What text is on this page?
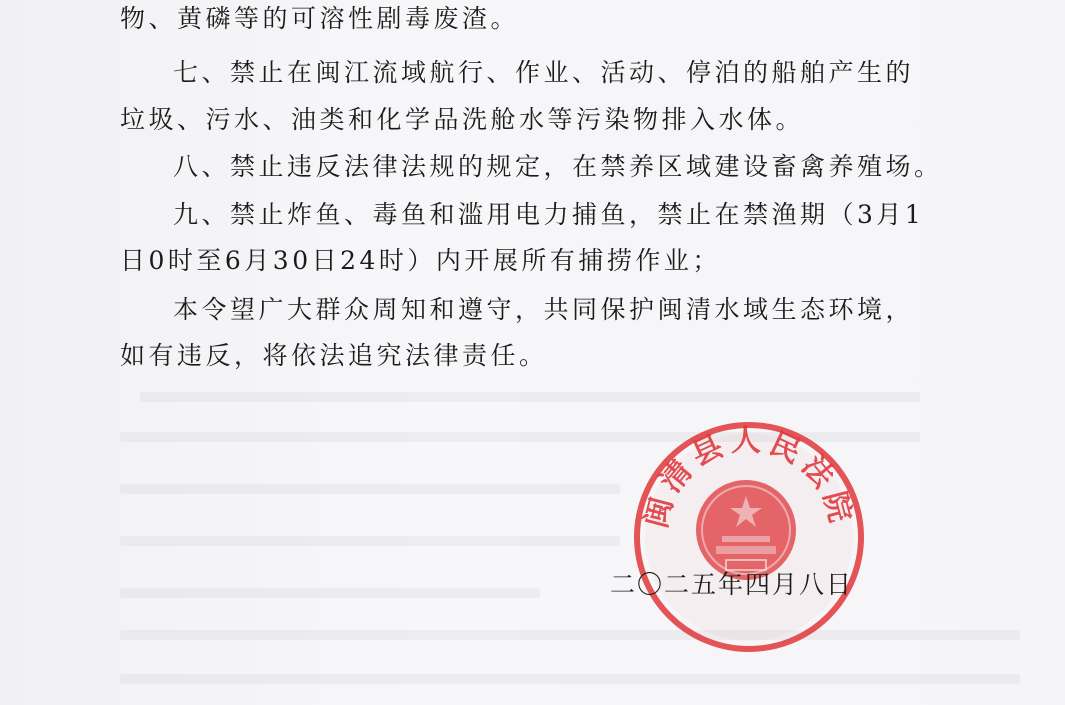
物、黄磷等的可溶性剧毒废渣。
七、禁止在闽江流域航行、作业、活动、停泊的船舶产生的
垃圾、污水、油类和化学品洗舱水等污染物排入水体。
八、禁止违反法律法规的规定，在禁养区域建设畜禽养殖场。
九、禁止炸鱼、毒鱼和滥用电力捕鱼，禁止在禁渔期（3月1
日0时至6月30日24时）内开展所有捕捞作业；
本令望广大群众周知和遵守，共同保护闽清水域生态环境，
如有违反，将依法追究法律责任。
闽清县人民法院
二〇二五年四月八日
